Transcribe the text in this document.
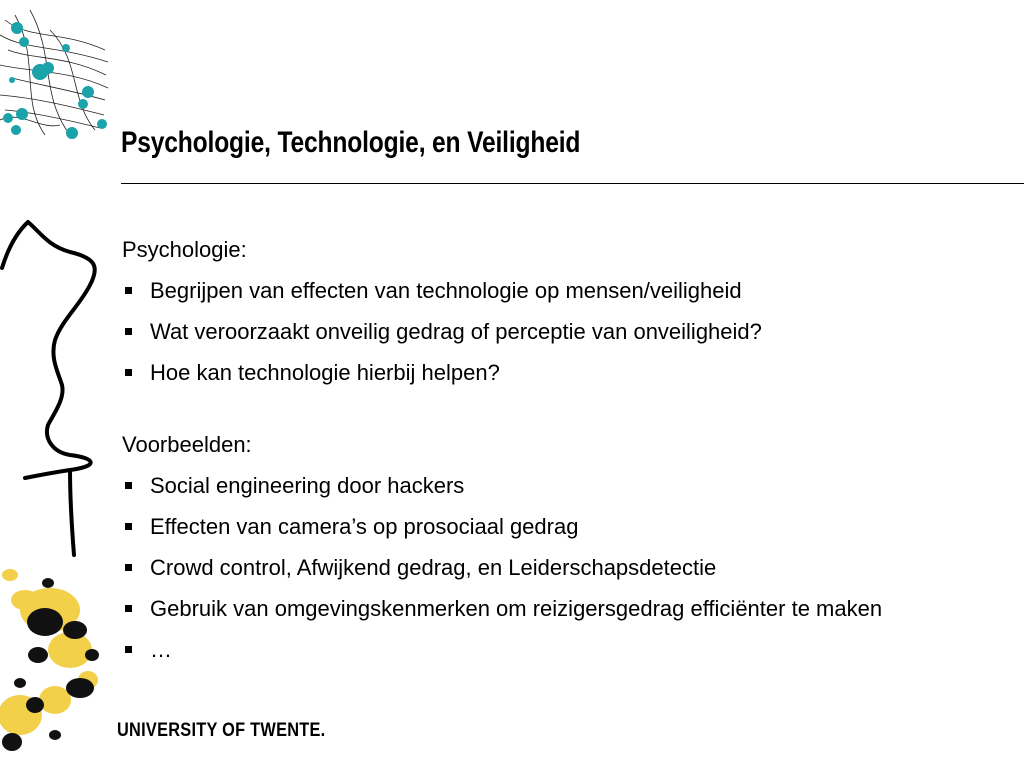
Psychologie, Technologie, en Veiligheid
Psychologie:
Begrijpen van effecten van technologie op mensen/veiligheid
Wat veroorzaakt onveilig gedrag of perceptie van onveiligheid?
Hoe kan technologie hierbij helpen?
Voorbeelden:
Social engineering door hackers
Effecten van camera’s op prosociaal gedrag
Crowd control, Afwijkend gedrag, en Leiderschapsdetectie
Gebruik van omgevingskenmerken om reizigersgedrag efficiënter te maken
…
UNIVERSITY OF TWENTE.
